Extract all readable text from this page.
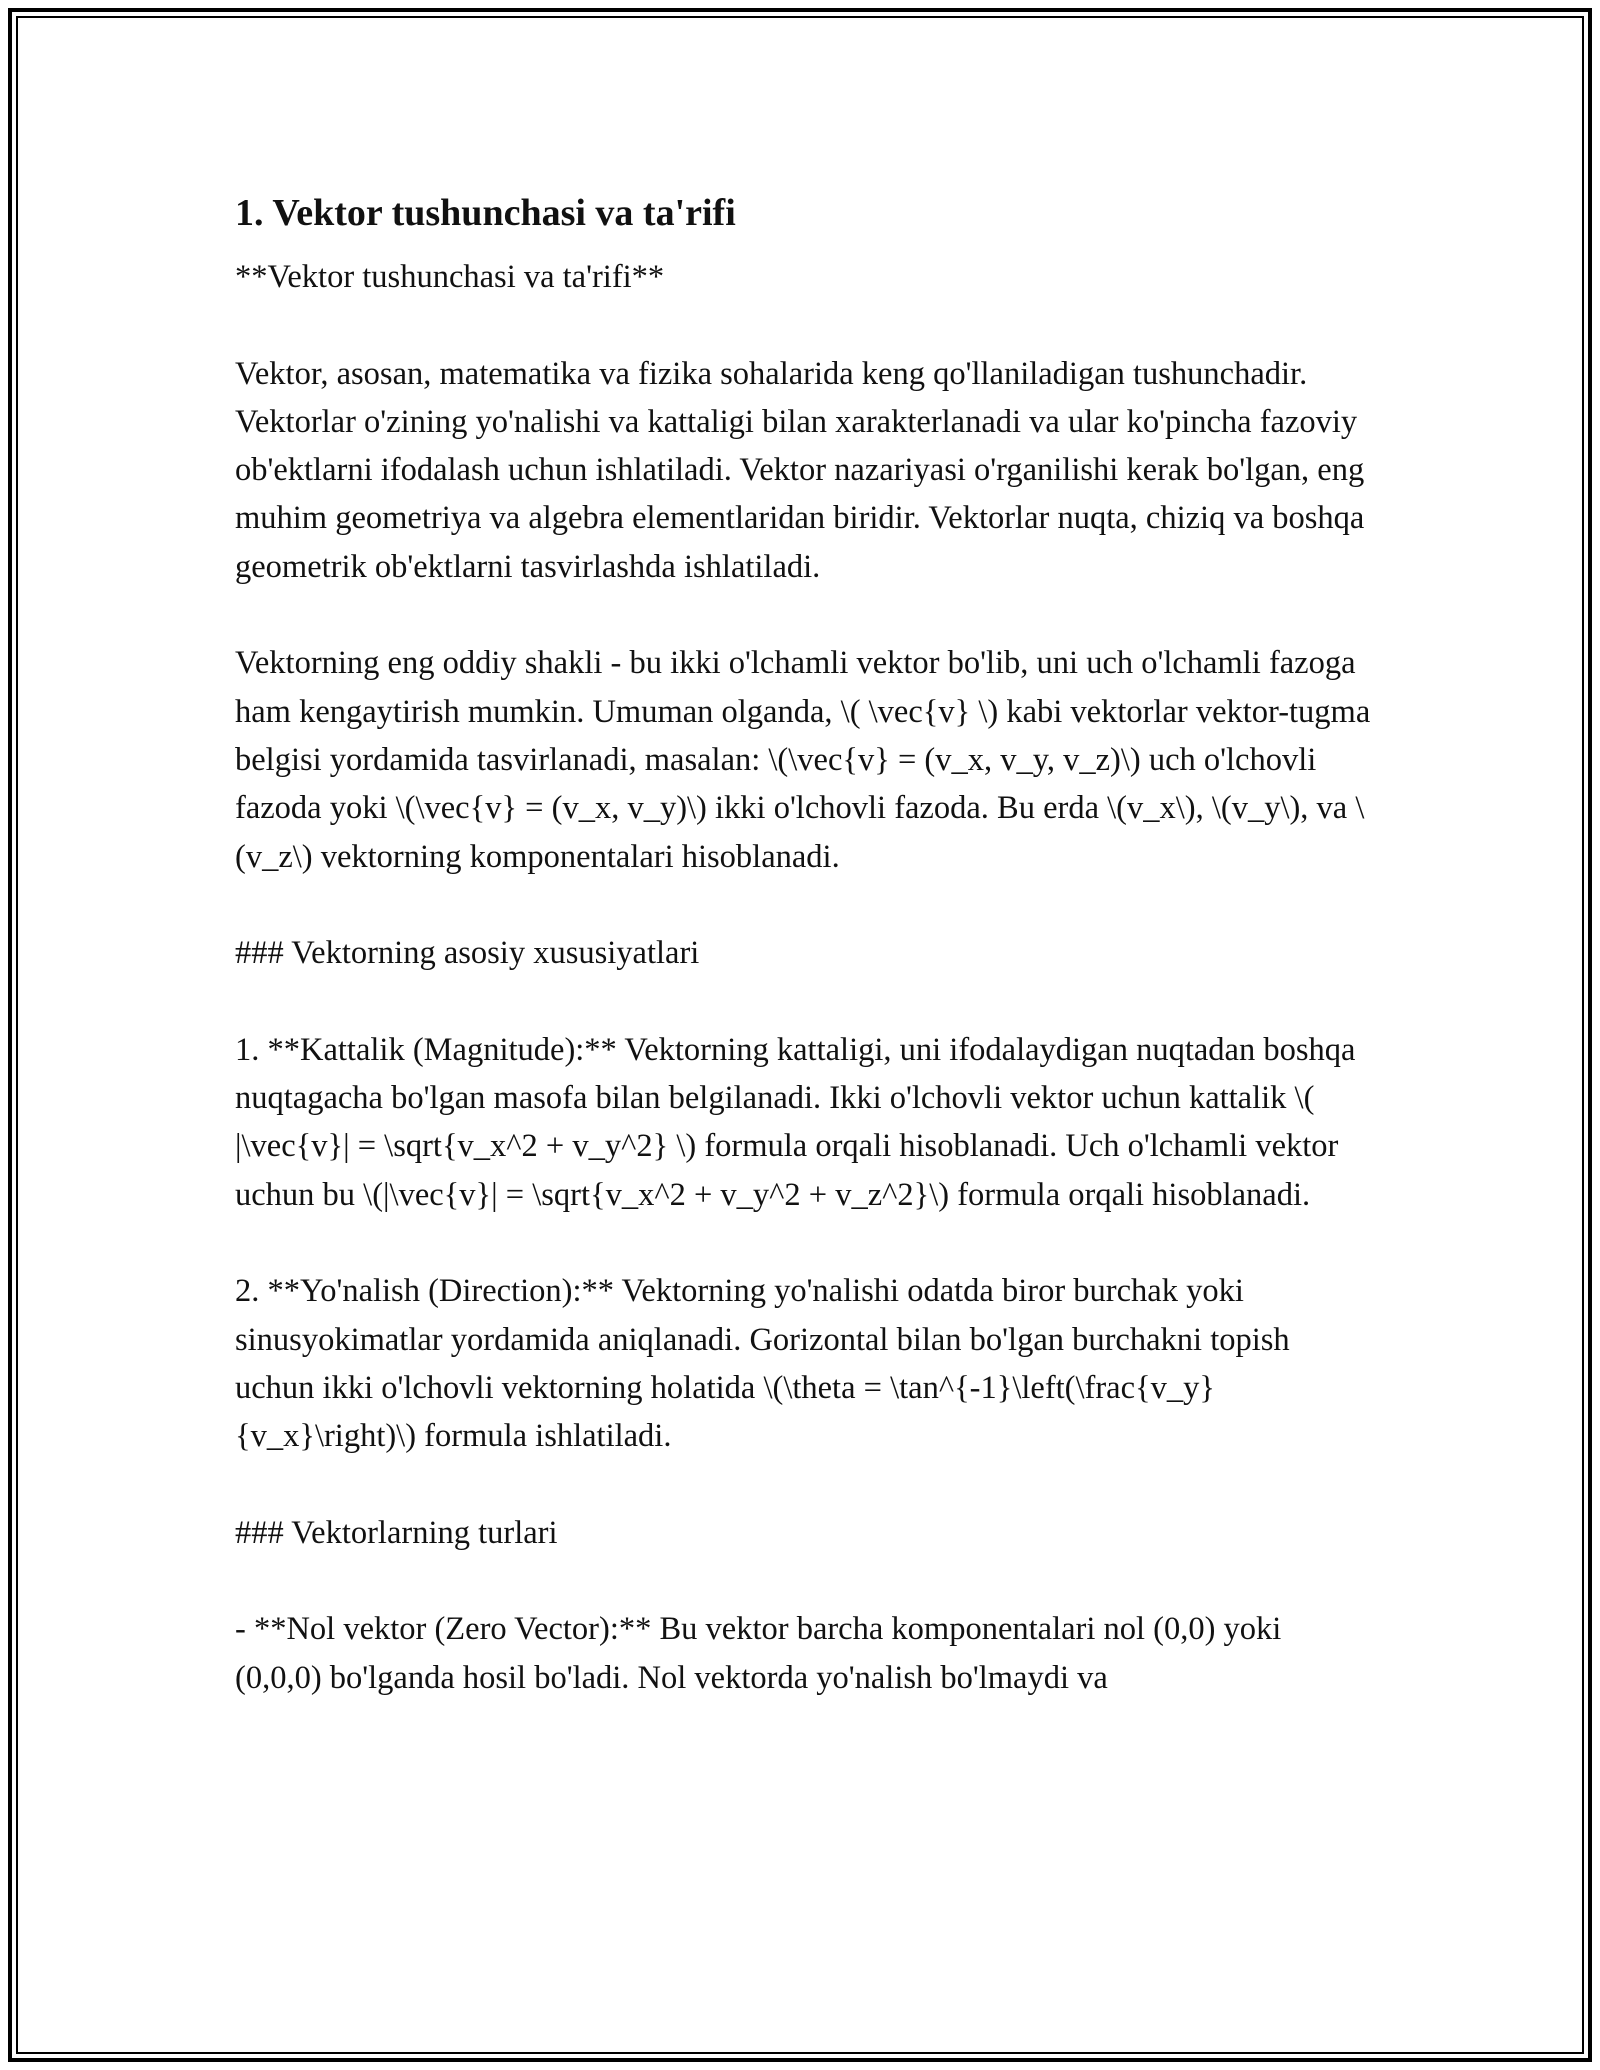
1. Vektor tushunchasi va ta'rifi

**Vektor tushunchasi va ta'rifi**

Vektor, asosan, matematika va fizika sohalarida keng qo'llaniladigan tushunchadir. Vektorlar o'zining yo'nalishi va kattaligi bilan xarakterlanadi va ular ko'pincha fazoviy ob'ektlarni ifodalash uchun ishlatiladi. Vektor nazariyasi o'rganilishi kerak bo'lgan, eng muhim geometriya va algebra elementlaridan biridir. Vektorlar nuqta, chiziq va boshqa geometrik ob'ektlarni tasvirlashda ishlatiladi.

Vektorning eng oddiy shakli - bu ikki o'lchamli vektor bo'lib, uni uch o'lchamli fazoga ham kengaytirish mumkin. Umuman olganda, \( \vec{v} \) kabi vektorlar vektor-tugma belgisi yordamida tasvirlanadi, masalan: \(\vec{v} = (v_x, v_y, v_z)\) uch o'lchovli fazoda yoki \(\vec{v} = (v_x, v_y)\) ikki o'lchovli fazoda. Bu erda \(v_x\), \(v_y\), va \(v_z\) vektorning komponentalari hisoblanadi.

### Vektorning asosiy xususiyatlari

1. **Kattalik (Magnitude):** Vektorning kattaligi, uni ifodalaydigan nuqtadan boshqa nuqtagacha bo'lgan masofa bilan belgilanadi. Ikki o'lchovli vektor uchun kattalik \( |\vec{v}| = \sqrt{v_x^2 + v_y^2} \) formula orqali hisoblanadi. Uch o'lchamli vektor uchun bu \(|\vec{v}| = \sqrt{v_x^2 + v_y^2 + v_z^2}\) formula orqali hisoblanadi.

2. **Yo'nalish (Direction):** Vektorning yo'nalishi odatda biror burchak yoki sinusyokimatlar yordamida aniqlanadi. Gorizontal bilan bo'lgan burchakni topish uchun ikki o'lchovli vektorning holatida \(\theta = \tan^{-1}\left(\frac{v_y}{v_x}\right)\) formula ishlatiladi.

### Vektorlarning turlari

- **Nol vektor (Zero Vector):** Bu vektor barcha komponentalari nol (0,0) yoki (0,0,0) bo'lganda hosil bo'ladi. Nol vektorda yo'nalish bo'lmaydi va
